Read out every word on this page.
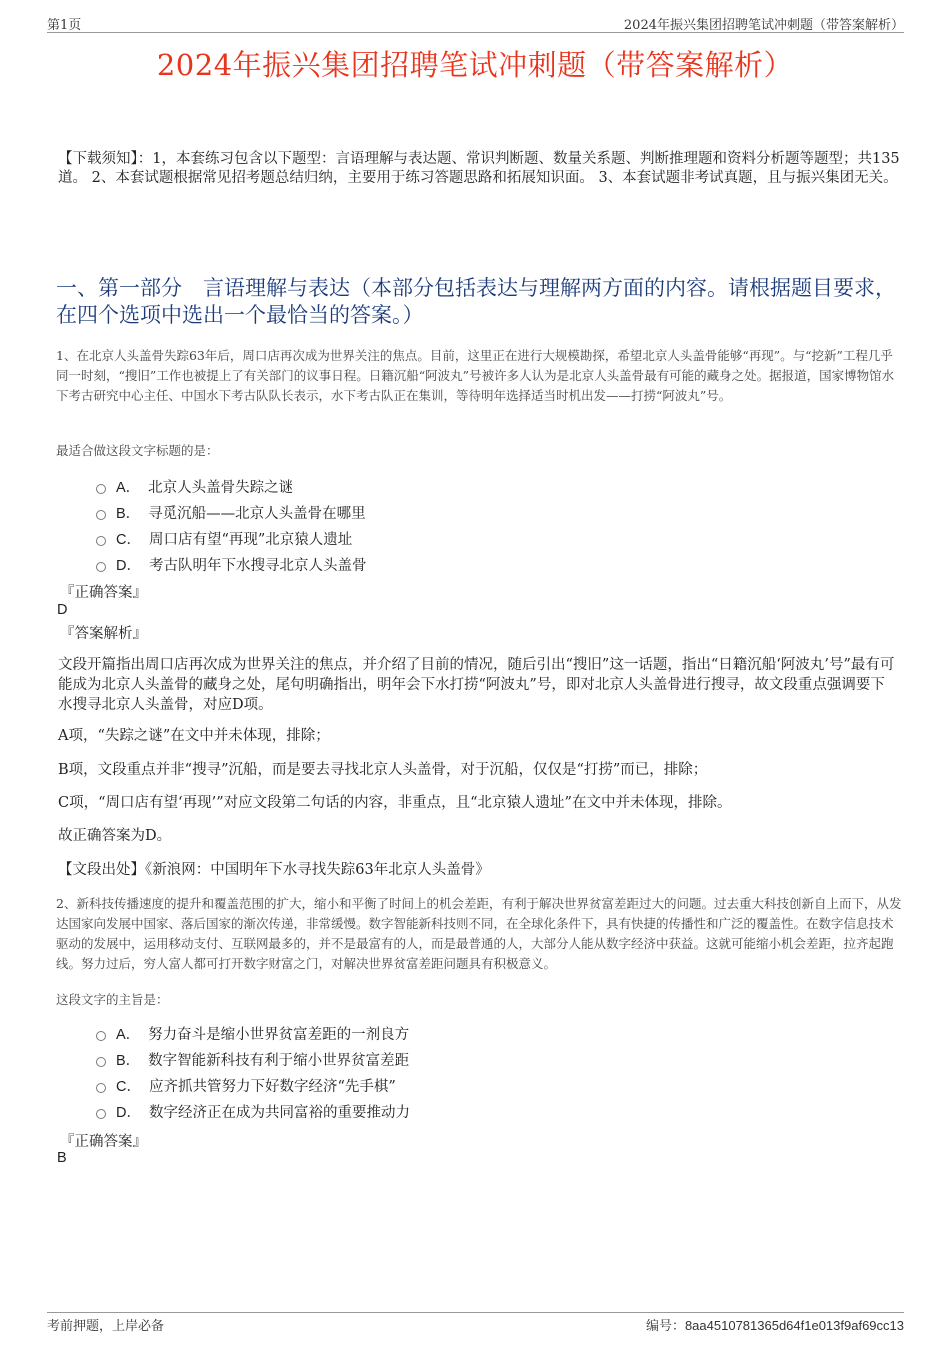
第1页	2024年振兴集团招聘笔试冲刺题（带答案解析）
2024年振兴集团招聘笔试冲刺题（带答案解析）

【下载须知】：1，本套练习包含以下题型：言语理解与表达题、常识判断题、数量关系题、判断推理题和资料分析题等题型；共135道。 2、本套试题根据常见招考题总结归纳，主要用于练习答题思路和拓展知识面。 3、本套试题非考试真题，且与振兴集团无关。

一、第一部分　言语理解与表达（本部分包括表达与理解两方面的内容。请根据题目要求，在四个选项中选出一个最恰当的答案。）

1、在北京人头盖骨失踪63年后，周口店再次成为世界关注的焦点。目前，这里正在进行大规模勘探，希望北京人头盖骨能够“再现”。与“挖新”工程几乎同一时刻，“搜旧”工作也被提上了有关部门的议事日程。日籍沉船“阿波丸”号被许多人认为是北京人头盖骨最有可能的藏身之处。据报道，国家博物馆水下考古研究中心主任、中国水下考古队队长表示，水下考古队正在集训，等待明年选择适当时机出发——打捞“阿波丸”号。

最适合做这段文字标题的是：

A． 北京人头盖骨失踪之谜
B． 寻觅沉船——北京人头盖骨在哪里
C． 周口店有望“再现”北京猿人遗址
D． 考古队明年下水搜寻北京人头盖骨

『正确答案』

D

『答案解析』

文段开篇指出周口店再次成为世界关注的焦点，并介绍了目前的情况，随后引出“搜旧”这一话题，指出“日籍沉船‘阿波丸’号”最有可能成为北京人头盖骨的藏身之处，尾句明确指出，明年会下水打捞“阿波丸”号，即对北京人头盖骨进行搜寻，故文段重点强调要下水搜寻北京人头盖骨，对应D项。

A项，“失踪之谜”在文中并未体现，排除；

B项，文段重点并非“搜寻”沉船，而是要去寻找北京人头盖骨，对于沉船，仅仅是“打捞”而已，排除；

C项，“周口店有望‘再现’”对应文段第二句话的内容，非重点，且“北京猿人遗址”在文中并未体现，排除。

故正确答案为D。

【文段出处】《新浪网：中国明年下水寻找失踪63年北京人头盖骨》

2、新科技传播速度的提升和覆盖范围的扩大，缩小和平衡了时间上的机会差距，有利于解决世界贫富差距过大的问题。过去重大科技创新自上而下，从发达国家向发展中国家、落后国家的渐次传递，非常缓慢。数字智能新科技则不同，在全球化条件下，具有快捷的传播性和广泛的覆盖性。在数字信息技术驱动的发展中，运用移动支付、互联网最多的，并不是最富有的人，而是最普通的人，大部分人能从数字经济中获益。这就可能缩小机会差距，拉齐起跑线。努力过后，穷人富人都可打开数字财富之门，对解决世界贫富差距问题具有积极意义。

这段文字的主旨是：

A． 努力奋斗是缩小世界贫富差距的一剂良方
B． 数字智能新科技有利于缩小世界贫富差距
C． 应齐抓共管努力下好数字经济“先手棋”
D． 数字经济正在成为共同富裕的重要推动力

『正确答案』

B

考前押题，上岸必备	编号：8aa4510781365d64f1e013f9af69cc13
